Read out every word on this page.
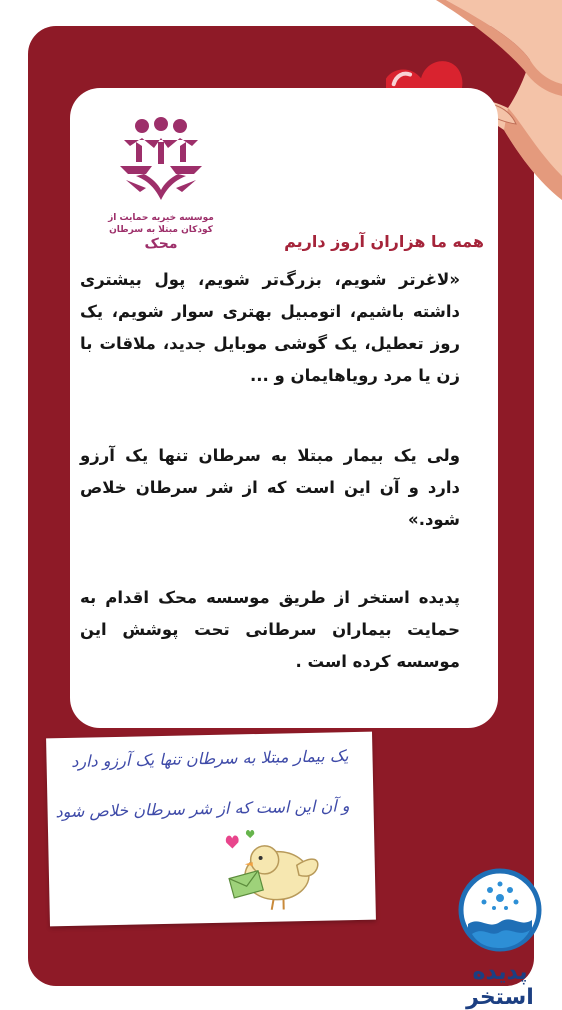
موسسه خیریه حمایت از
کودکان مبتلا به سرطان
محک	همه ما هزاران آروز داریم
«لاغرتر شویم، بزرگ‌تر شویم، پول بیشتری داشته باشیم، اتومبیل بهتری سوار شویم، یک روز تعطیل، یک گوشی موبایل جدید، ملاقات با زن یا مرد رویاهایمان و ...
ولی یک بیمار مبتلا به سرطان تنها یک آرزو دارد و آن این است که از شر سرطان خلاص شود.»
پدیده استخر از طریق موسسه محک اقدام به حمایت بیماران سرطانی تحت پوشش این موسسه کرده است .
یک بیمار مبتلا به سرطان تنها یک آرزو دارد
و آن این است که از شر سرطان خلاص شود
پدیده استخر
